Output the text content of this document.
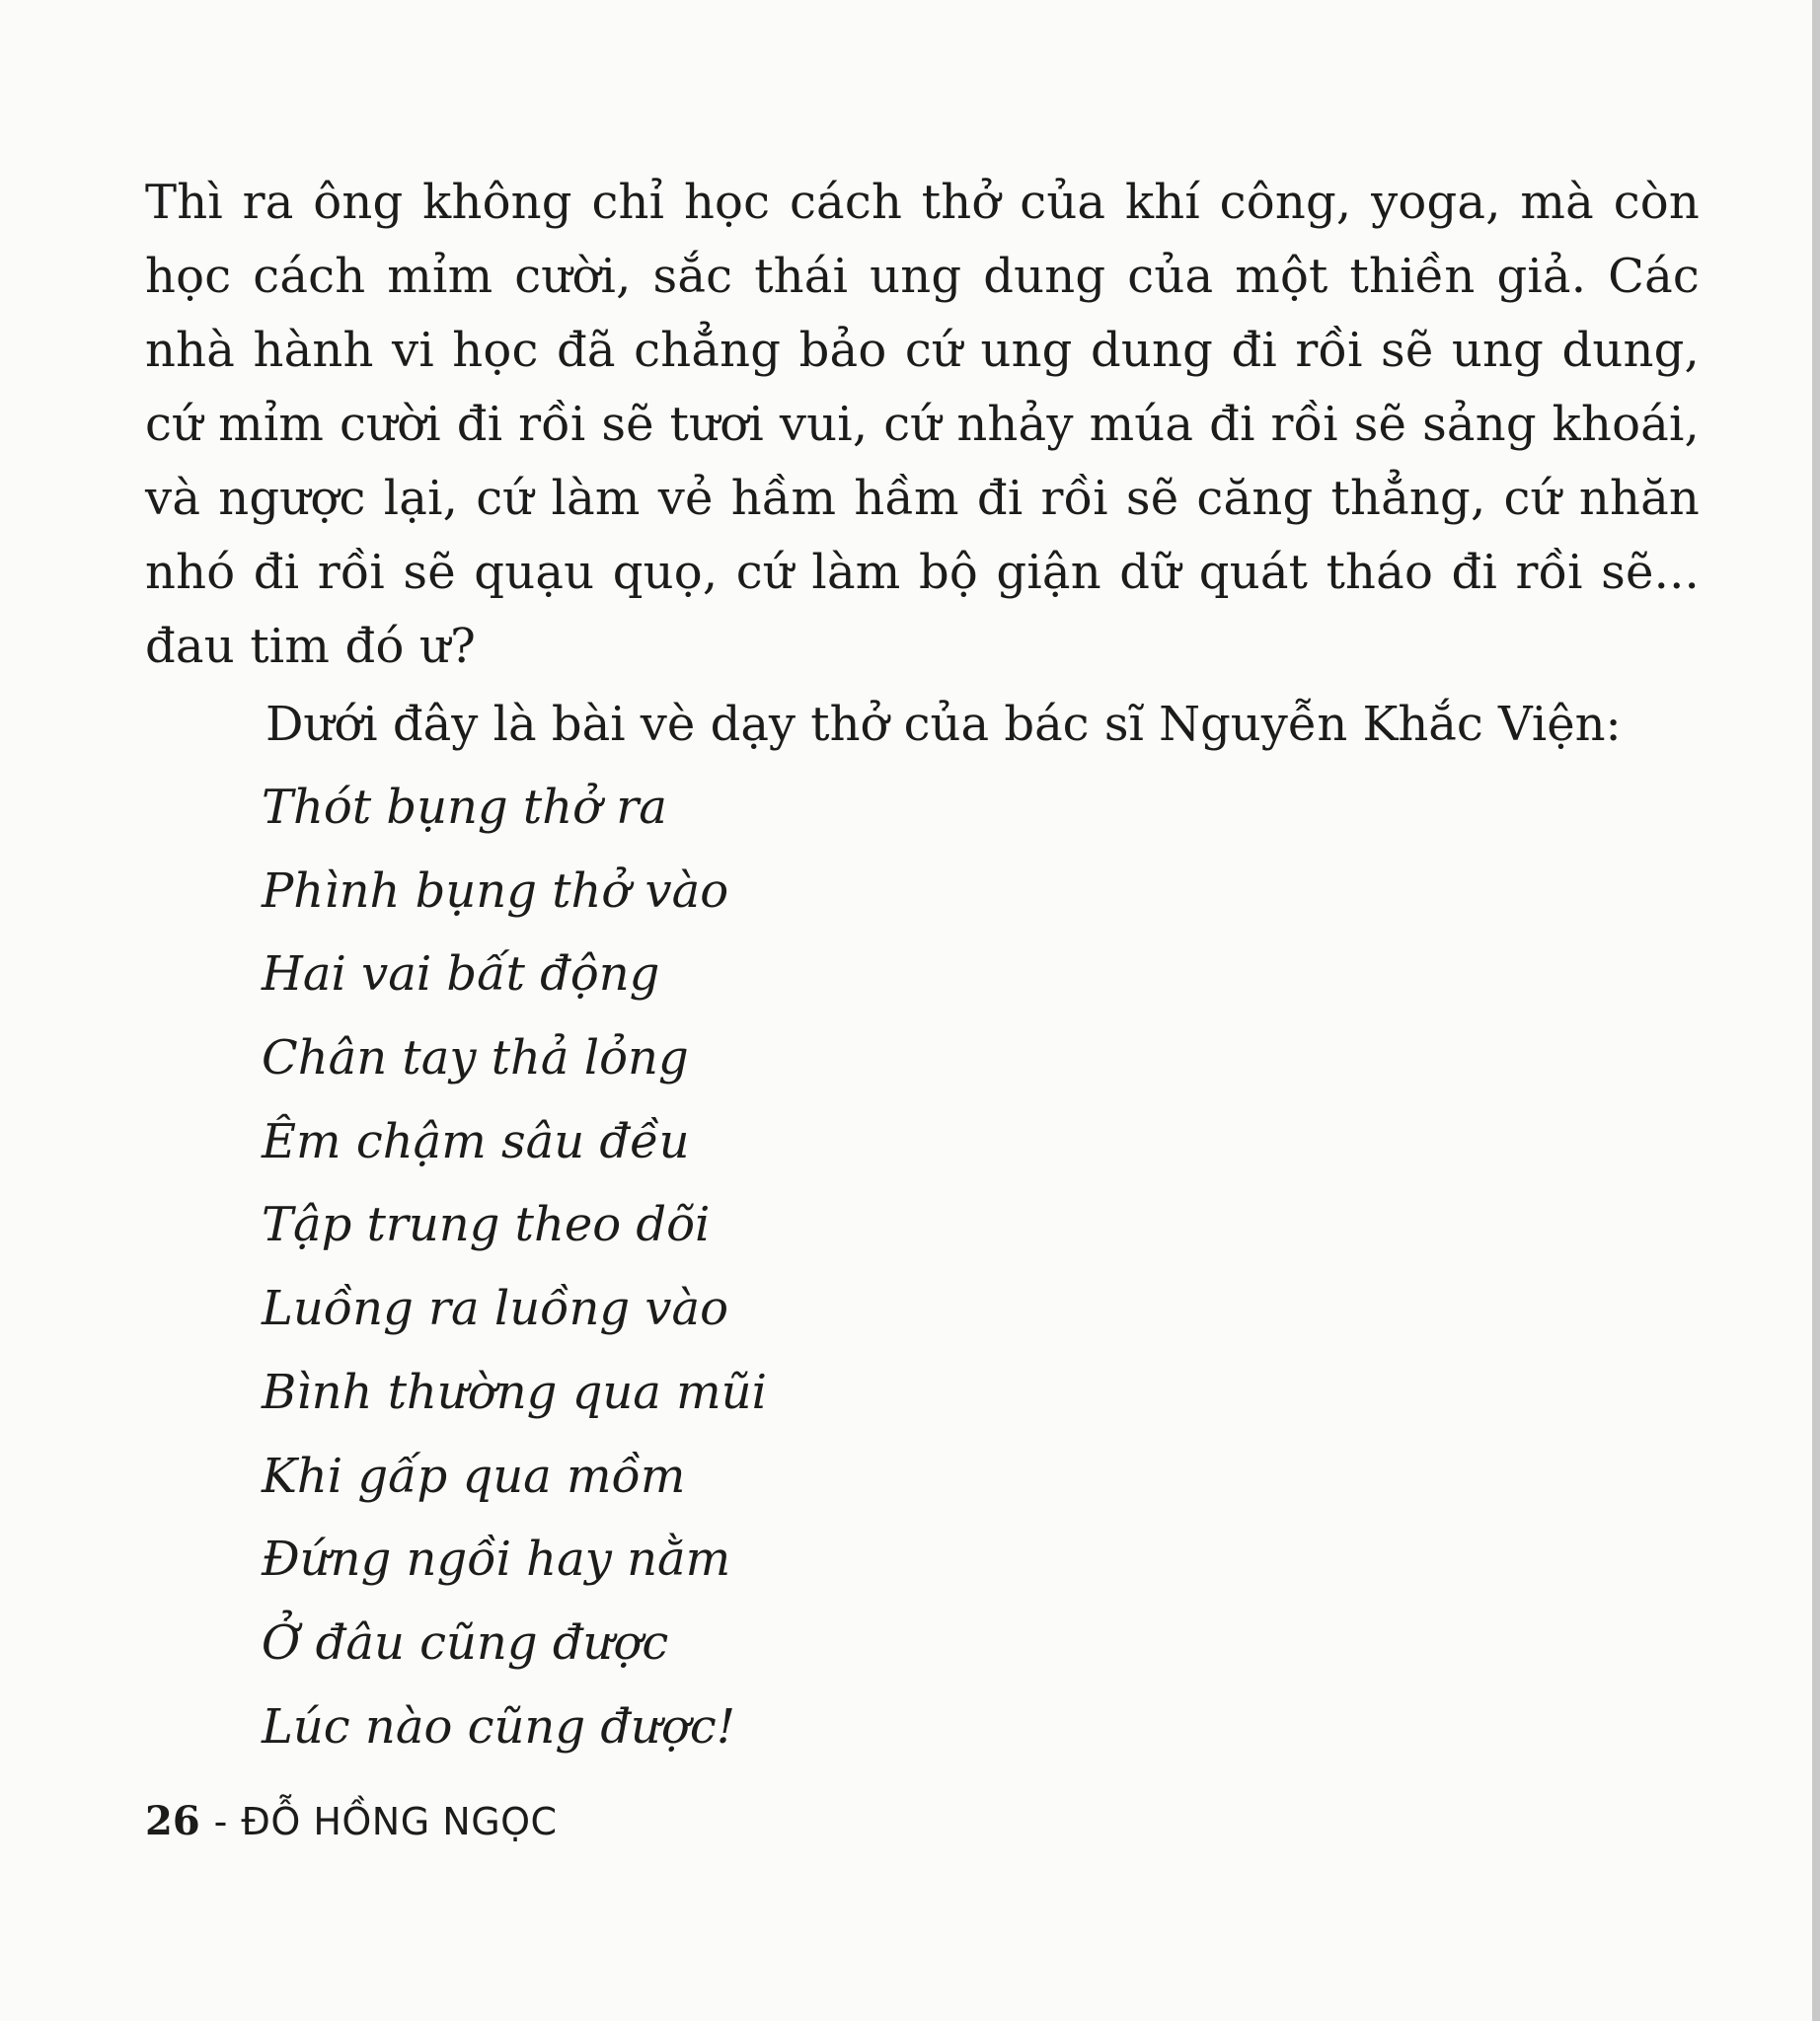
Thì ra ông không chỉ học cách thở của khí công, yoga, mà còn học cách mỉm cười, sắc thái ung dung của một thiền giả. Các nhà hành vi học đã chẳng bảo cứ ung dung đi rồi sẽ ung dung, cứ mỉm cười đi rồi sẽ tươi vui, cứ nhảy múa đi rồi sẽ sảng khoái, và ngược lại, cứ làm vẻ hầm hầm đi rồi sẽ căng thẳng, cứ nhăn nhó đi rồi sẽ quạu quọ, cứ làm bộ giận dữ quát tháo đi rồi sẽ... đau tim đó ư?

Dưới đây là bài vè dạy thở của bác sĩ Nguyễn Khắc Viện:

Thót bụng thở ra
Phình bụng thở vào
Hai vai bất động
Chân tay thả lỏng
Êm chậm sâu đều
Tập trung theo dõi
Luồng ra luồng vào
Bình thường qua mũi
Khi gấp qua mồm
Đứng ngồi hay nằm
Ở đâu cũng được
Lúc nào cũng được!
26 - ĐỖ HỒNG NGỌC
